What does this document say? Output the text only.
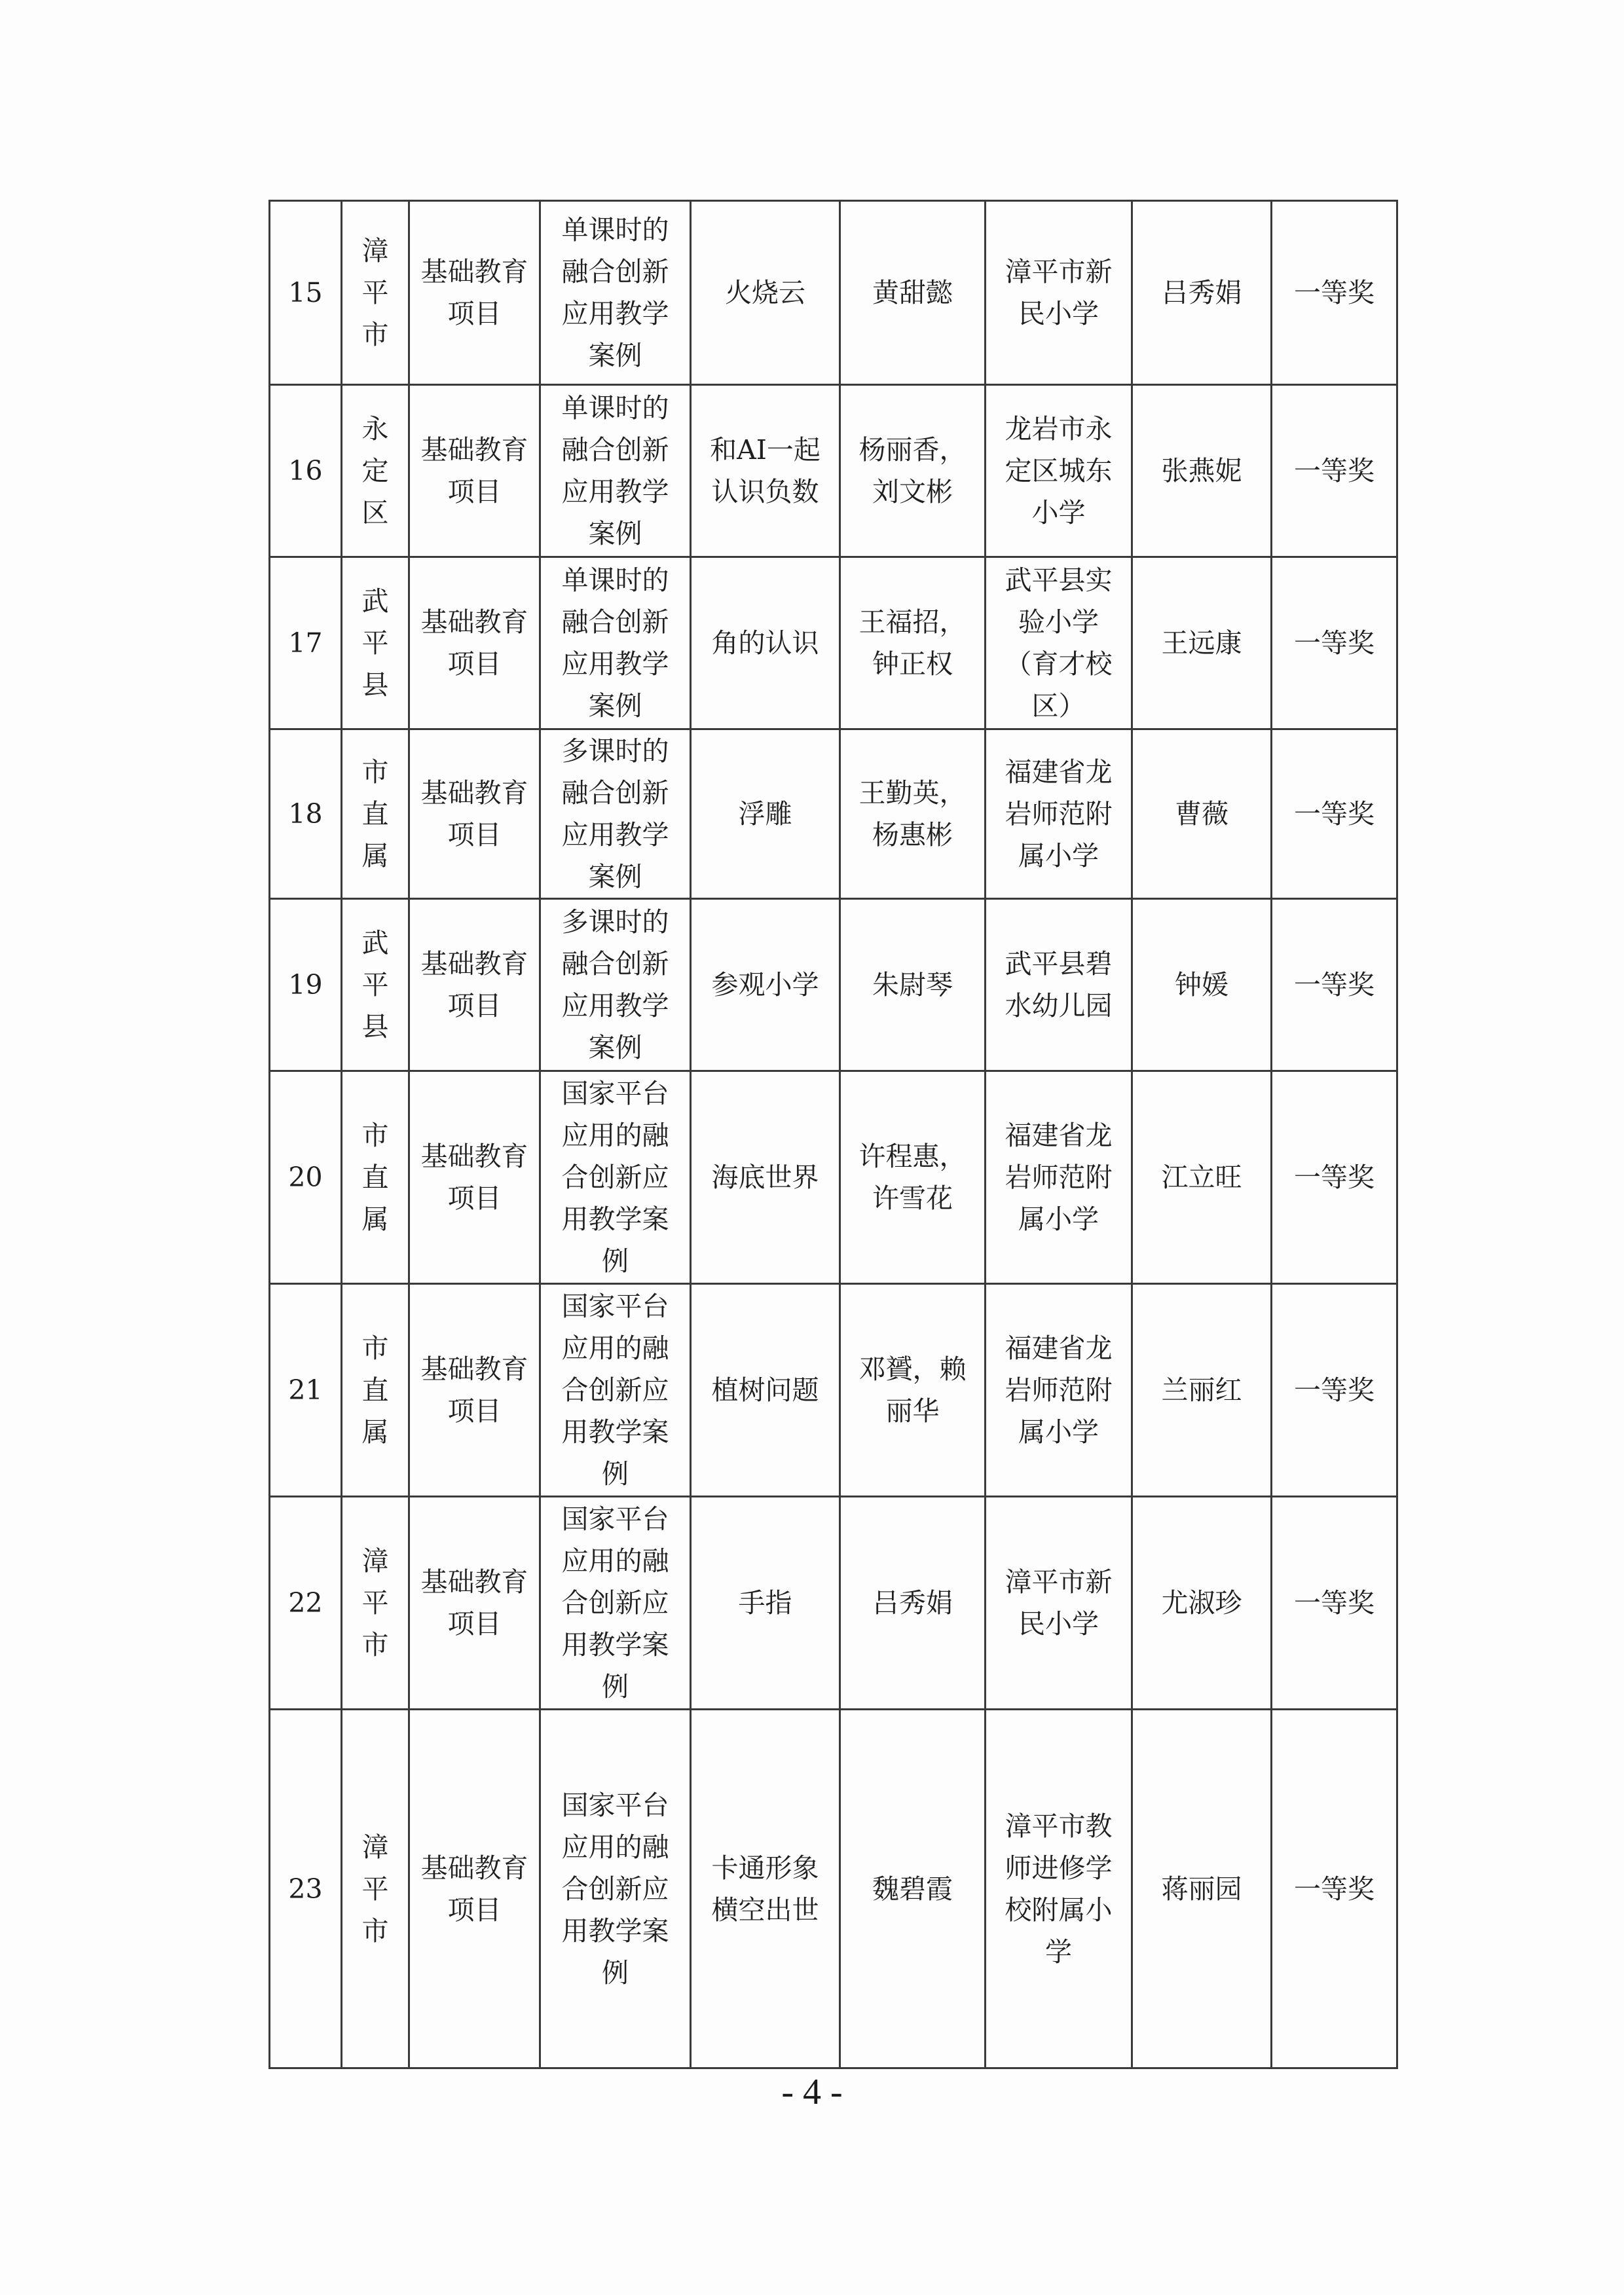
15	漳平市	基础教育项目	单课时的融合创新应用教学案例	火烧云	黄甜懿	漳平市新民小学	吕秀娟	一等奖
16	永定区	基础教育项目	单课时的融合创新应用教学案例	和AI一起认识负数	杨丽香，刘文彬	龙岩市永定区城东小学	张燕妮	一等奖
17	武平县	基础教育项目	单课时的融合创新应用教学案例	角的认识	王福招，钟正权	武平县实验小学（育才校区）	王远康	一等奖
18	市直属	基础教育项目	多课时的融合创新应用教学案例	浮雕	王勤英，杨惠彬	福建省龙岩师范附属小学	曹薇	一等奖
19	武平县	基础教育项目	多课时的融合创新应用教学案例	参观小学	朱尉琴	武平县碧水幼儿园	钟媛	一等奖
20	市直属	基础教育项目	国家平台应用的融合创新应用教学案例	海底世界	许程惠，许雪花	福建省龙岩师范附属小学	江立旺	一等奖
21	市直属	基础教育项目	国家平台应用的融合创新应用教学案例	植树问题	邓贇，赖丽华	福建省龙岩师范附属小学	兰丽红	一等奖
22	漳平市	基础教育项目	国家平台应用的融合创新应用教学案例	手指	吕秀娟	漳平市新民小学	尤淑珍	一等奖
23	漳平市	基础教育项目	国家平台应用的融合创新应用教学案例	卡通形象横空出世	魏碧霞	漳平市教师进修学校附属小学	蒋丽园	一等奖
- 4 -
